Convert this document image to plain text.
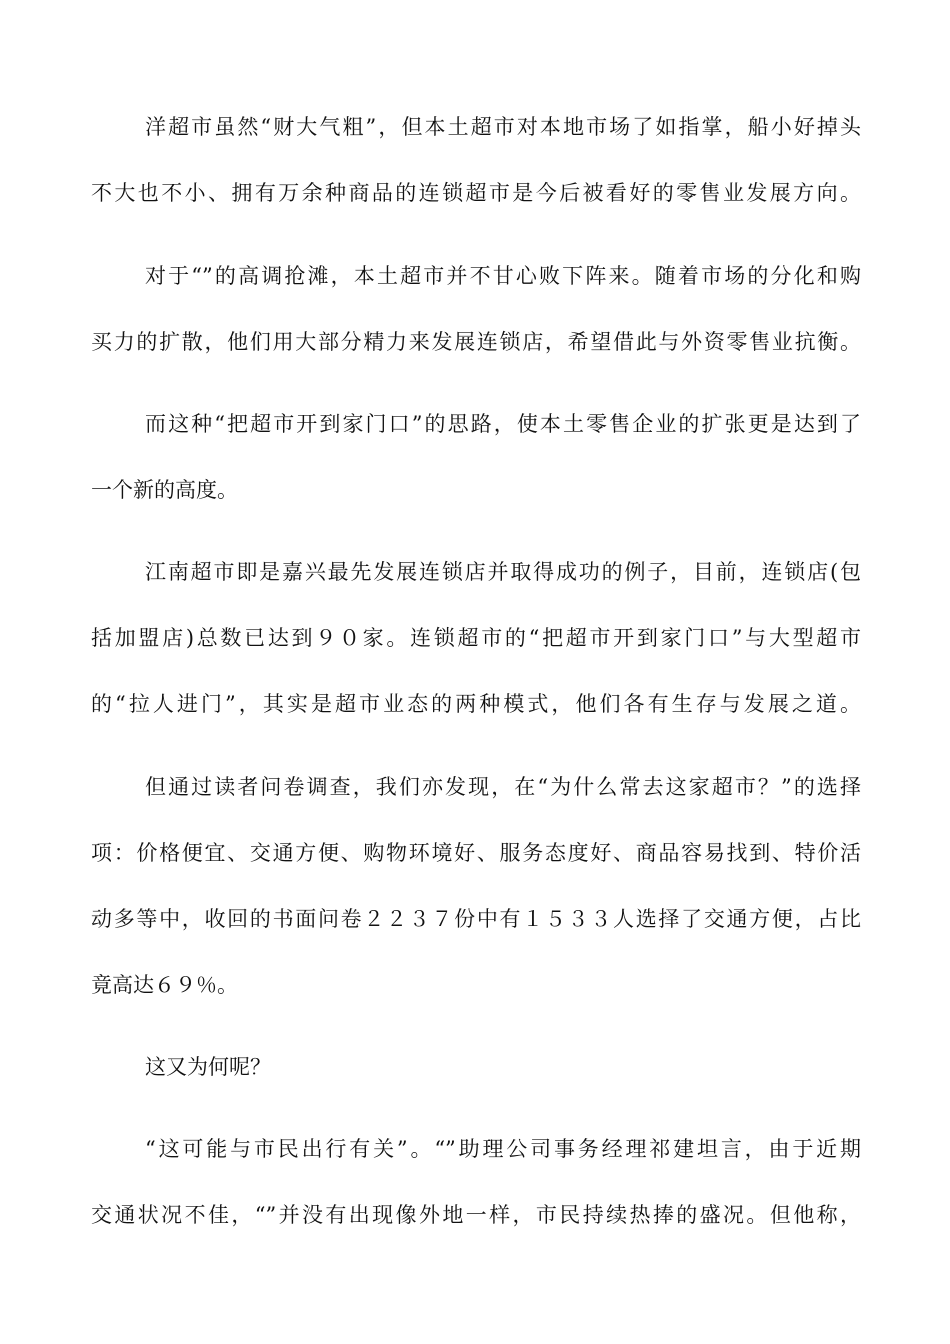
洋超市虽然“财大气粗”，但本土超市对本地市场了如指掌，船小好掉头
不大也不小、拥有万余种商品的连锁超市是今后被看好的零售业发展方向。
对于“”的高调抢滩，本土超市并不甘心败下阵来。随着市场的分化和购
买力的扩散，他们用大部分精力来发展连锁店，希望借此与外资零售业抗衡。
而这种“把超市开到家门口”的思路，使本土零售企业的扩张更是达到了
一个新的高度。
江南超市即是嘉兴最先发展连锁店并取得成功的例子，目前，连锁店(包
括加盟店)总数已达到９０家。连锁超市的“把超市开到家门口”与大型超市
的“拉人进门”，其实是超市业态的两种模式，他们各有生存与发展之道。
但通过读者问卷调查，我们亦发现，在“为什么常去这家超市？”的选择
项：价格便宜、交通方便、购物环境好、服务态度好、商品容易找到、特价活
动多等中，收回的书面问卷２２３７份中有１５３３人选择了交通方便，占比
竟高达６９％。
这又为何呢？
“这可能与市民出行有关”。“”助理公司事务经理祁建坦言，由于近期
交通状况不佳，“”并没有出现像外地一样，市民持续热捧的盛况。但他称，
